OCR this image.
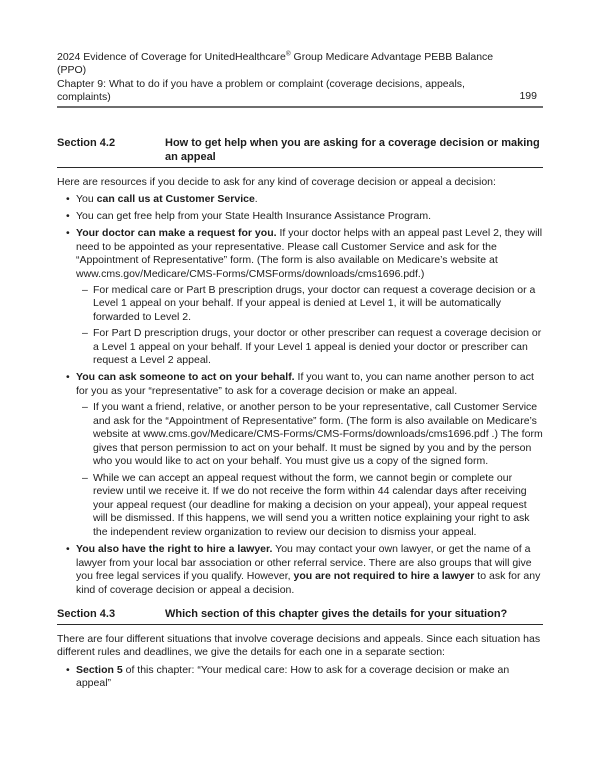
2024 Evidence of Coverage for UnitedHealthcare® Group Medicare Advantage PEBB Balance (PPO)

Chapter 9: What to do if you have a problem or complaint (coverage decisions, appeals, complaints)	199
Section 4.2	How to get help when you are asking for a coverage decision or making an appeal

Here are resources if you decide to ask for any kind of coverage decision or appeal a decision:

• You can call us at Customer Service.
• You can get free help from your State Health Insurance Assistance Program.
• Your doctor can make a request for you. If your doctor helps with an appeal past Level 2, they will need to be appointed as your representative. Please call Customer Service and ask for the “Appointment of Representative” form. (The form is also available on Medicare’s website at www.cms.gov/Medicare/CMS-Forms/CMSForms/downloads/cms1696.pdf.)
– For medical care or Part B prescription drugs, your doctor can request a coverage decision or a Level 1 appeal on your behalf. If your appeal is denied at Level 1, it will be automatically forwarded to Level 2.
– For Part D prescription drugs, your doctor or other prescriber can request a coverage decision or a Level 1 appeal on your behalf. If your Level 1 appeal is denied your doctor or prescriber can request a Level 2 appeal.
• You can ask someone to act on your behalf. If you want to, you can name another person to act for you as your “representative” to ask for a coverage decision or make an appeal.
– If you want a friend, relative, or another person to be your representative, call Customer Service and ask for the “Appointment of Representative” form. (The form is also available on Medicare’s website at www.cms.gov/Medicare/CMS-Forms/CMS-Forms/downloads/cms1696.pdf .) The form gives that person permission to act on your behalf. It must be signed by you and by the person who you would like to act on your behalf. You must give us a copy of the signed form.
– While we can accept an appeal request without the form, we cannot begin or complete our review until we receive it. If we do not receive the form within 44 calendar days after receiving your appeal request (our deadline for making a decision on your appeal), your appeal request will be dismissed. If this happens, we will send you a written notice explaining your right to ask the independent review organization to review our decision to dismiss your appeal.
• You also have the right to hire a lawyer. You may contact your own lawyer, or get the name of a lawyer from your local bar association or other referral service. There are also groups that will give you free legal services if you qualify. However, you are not required to hire a lawyer to ask for any kind of coverage decision or appeal a decision.
Section 4.3	Which section of this chapter gives the details for your situation?

There are four different situations that involve coverage decisions and appeals. Since each situation has different rules and deadlines, we give the details for each one in a separate section:

• Section 5 of this chapter: “Your medical care: How to ask for a coverage decision or make an appeal”
